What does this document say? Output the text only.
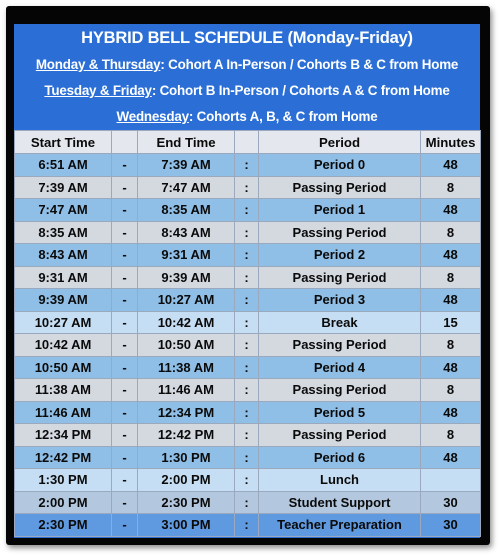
HYBRID BELL SCHEDULE (Monday-Friday)
Monday & Thursday: Cohort A In-Person / Cohorts B & C from Home
Tuesday & Friday: Cohort B In-Person / Cohorts A & C from Home
Wednesday: Cohorts A, B, & C from Home
Start Time		End Time		Period	Minutes
6:51 AM	-	7:39 AM	:	Period 0	48
7:39 AM	-	7:47 AM	:	Passing Period	8
7:47 AM	-	8:35 AM	:	Period 1	48
8:35 AM	-	8:43 AM	:	Passing Period	8
8:43 AM	-	9:31 AM	:	Period 2	48
9:31 AM	-	9:39 AM	:	Passing Period	8
9:39 AM	-	10:27 AM	:	Period 3	48
10:27 AM	-	10:42 AM	:	Break	15
10:42 AM	-	10:50 AM	:	Passing Period	8
10:50 AM	-	11:38 AM	:	Period 4	48
11:38 AM	-	11:46 AM	:	Passing Period	8
11:46 AM	-	12:34 PM	:	Period 5	48
12:34 PM	-	12:42 PM	:	Passing Period	8
12:42 PM	-	1:30 PM	:	Period 6	48
1:30 PM	-	2:00 PM	:	Lunch	
2:00 PM	-	2:30 PM	:	Student Support	30
2:30 PM	-	3:00 PM	:	Teacher Preparation	30
